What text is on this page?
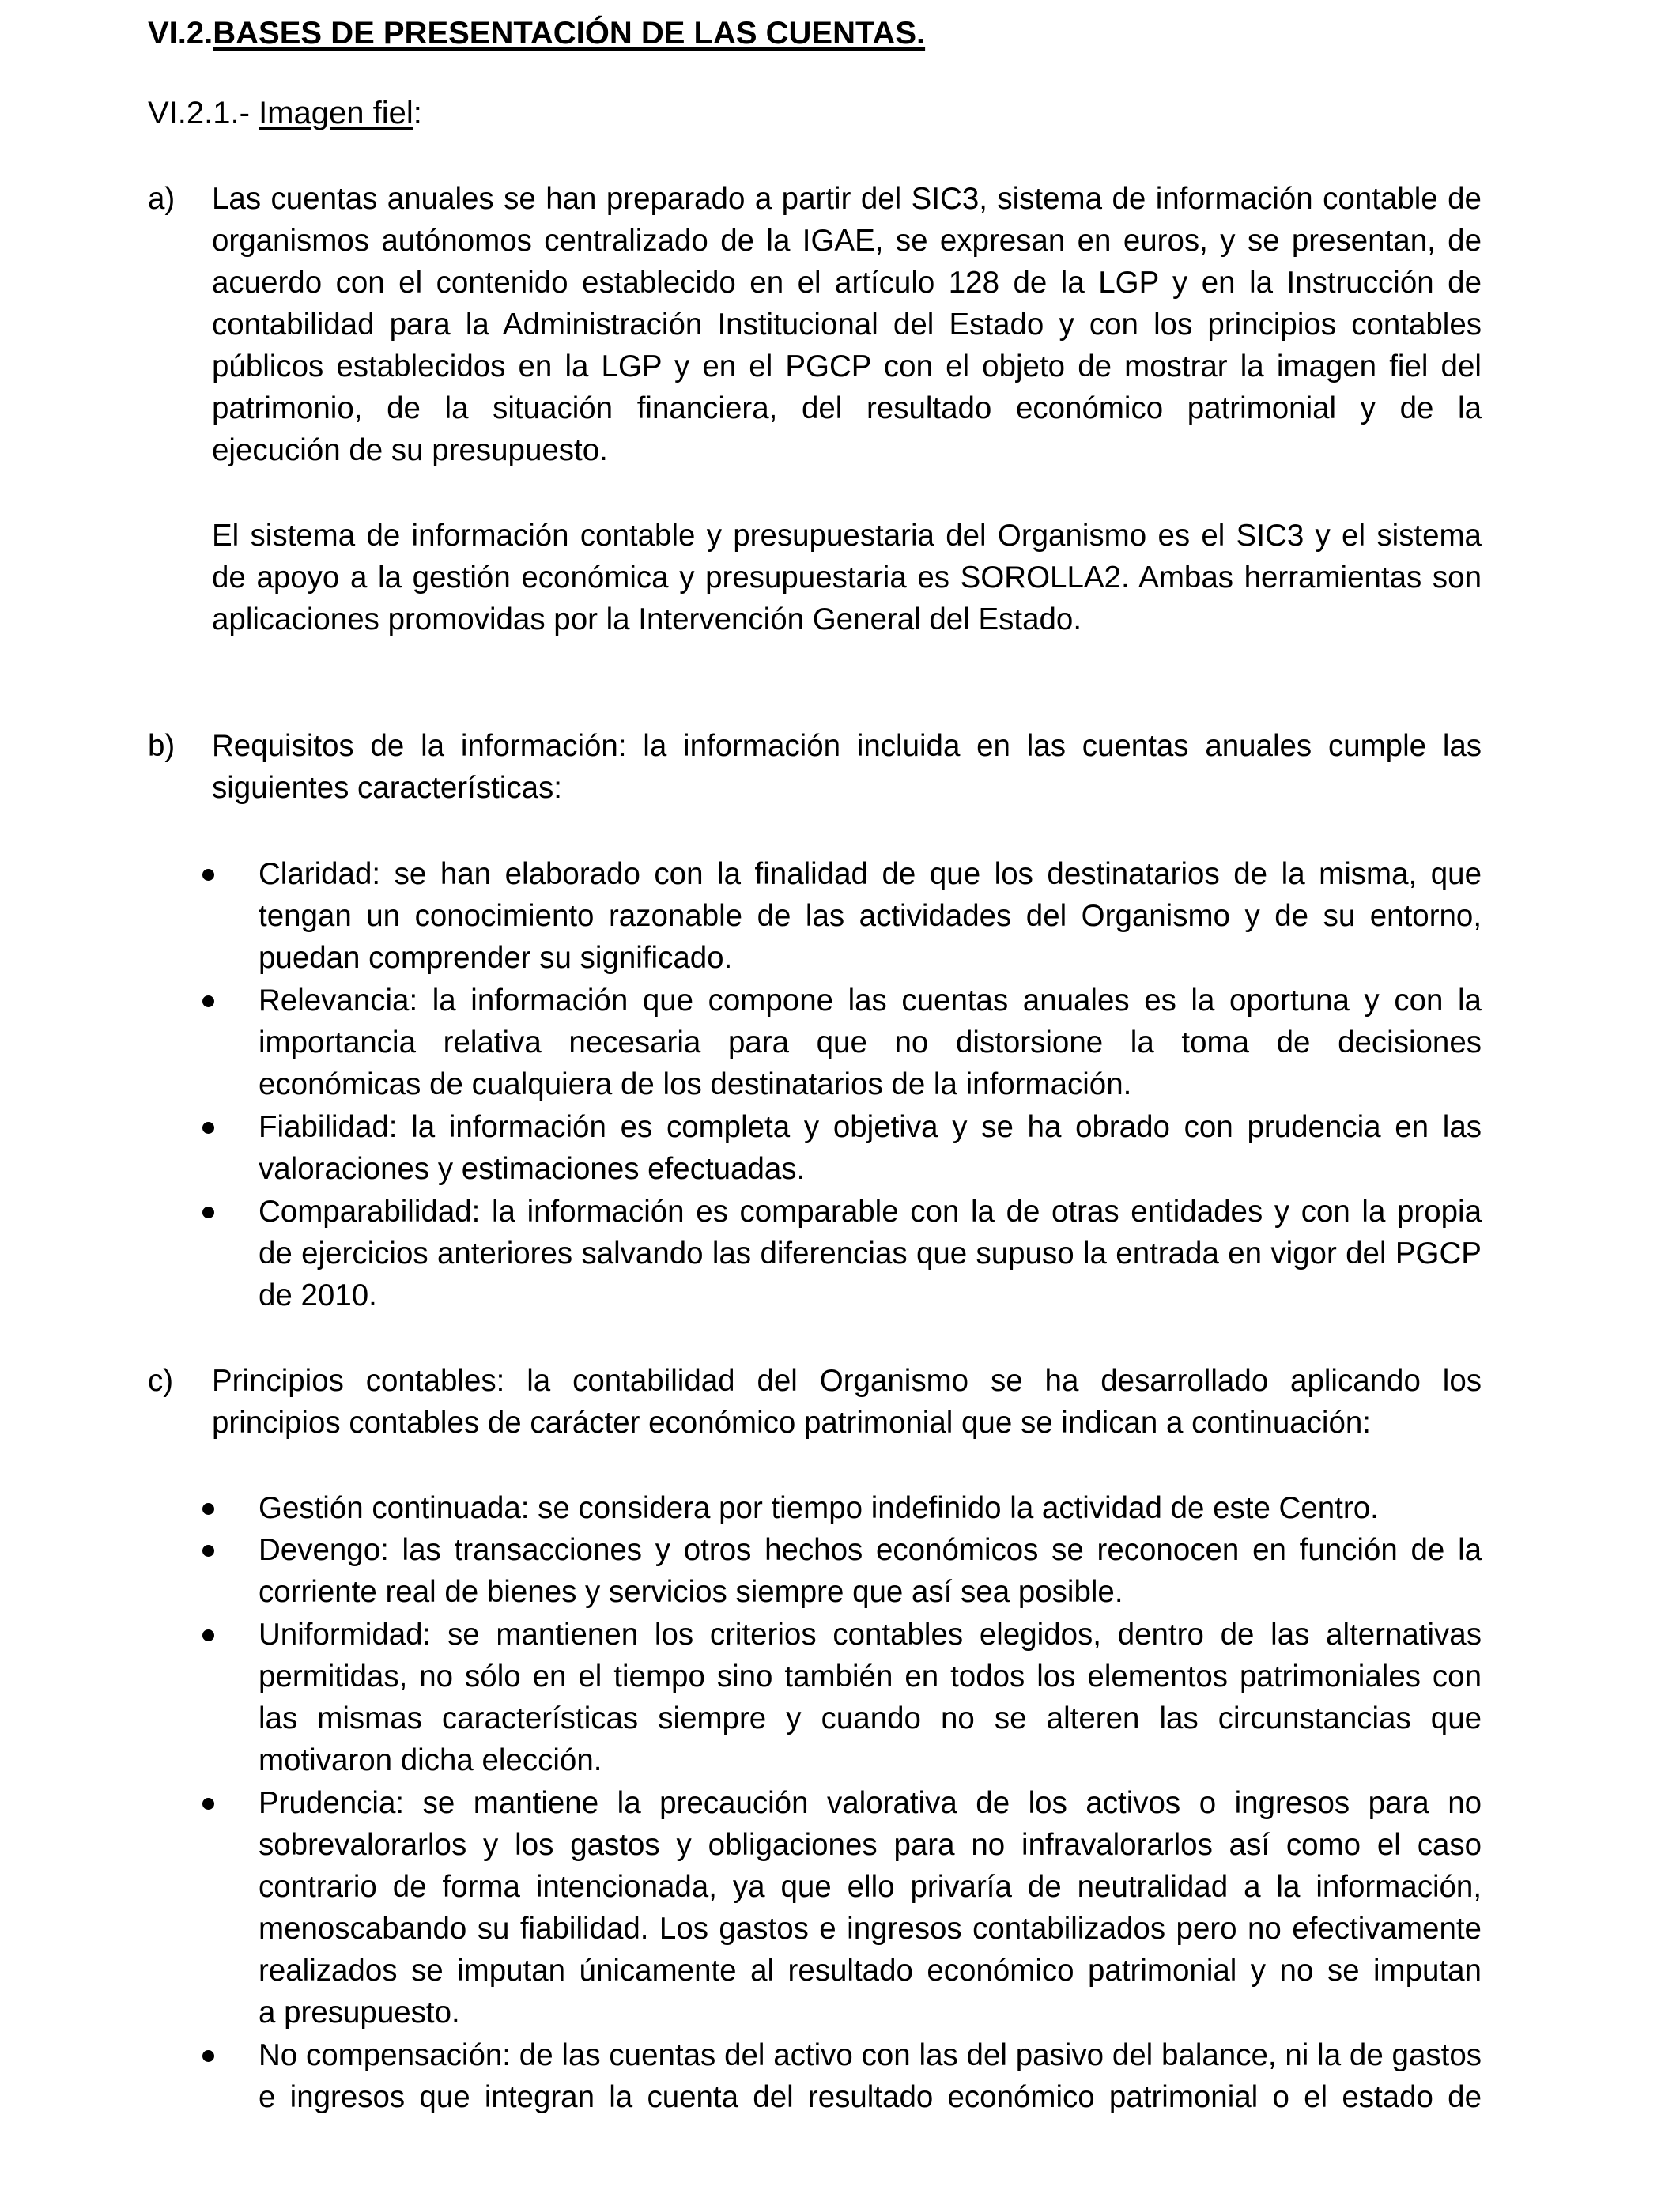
VI.2.BASES DE PRESENTACIÓN DE LAS CUENTAS.
VI.2.1.- Imagen fiel:
a) Las cuentas anuales se han preparado a partir del SIC3, sistema de información contable de
organismos autónomos centralizado de la IGAE, se expresan en euros, y se presentan, de
acuerdo con el contenido establecido en el artículo 128 de la LGP y en la Instrucción de
contabilidad para la Administración Institucional del Estado y con los principios contables
públicos establecidos en la LGP y en el PGCP con el objeto de mostrar la imagen fiel del
patrimonio, de la situación financiera, del resultado económico patrimonial y de la
ejecución de su presupuesto.
El sistema de información contable y presupuestaria del Organismo es el SIC3 y el sistema
de apoyo a la gestión económica y presupuestaria es SOROLLA2. Ambas herramientas son
aplicaciones promovidas por la Intervención General del Estado.
b) Requisitos de la información: la información incluida en las cuentas anuales cumple las
siguientes características:
Claridad: se han elaborado con la finalidad de que los destinatarios de la misma, que
tengan un conocimiento razonable de las actividades del Organismo y de su entorno,
puedan comprender su significado.
Relevancia: la información que compone las cuentas anuales es la oportuna y con la
importancia relativa necesaria para que no distorsione la toma de decisiones
económicas de cualquiera de los destinatarios de la información.
Fiabilidad: la información es completa y objetiva y se ha obrado con prudencia en las
valoraciones y estimaciones efectuadas.
Comparabilidad: la información es comparable con la de otras entidades y con la propia
de ejercicios anteriores salvando las diferencias que supuso la entrada en vigor del PGCP
de 2010.
c) Principios contables: la contabilidad del Organismo se ha desarrollado aplicando los
principios contables de carácter económico patrimonial que se indican a continuación:
Gestión continuada: se considera por tiempo indefinido la actividad de este Centro.
Devengo: las transacciones y otros hechos económicos se reconocen en función de la
corriente real de bienes y servicios siempre que así sea posible.
Uniformidad: se mantienen los criterios contables elegidos, dentro de las alternativas
permitidas, no sólo en el tiempo sino también en todos los elementos patrimoniales con
las mismas características siempre y cuando no se alteren las circunstancias que
motivaron dicha elección.
Prudencia: se mantiene la precaución valorativa de los activos o ingresos para no
sobrevalorarlos y los gastos y obligaciones para no infravalorarlos así como el caso
contrario de forma intencionada, ya que ello privaría de neutralidad a la información,
menoscabando su fiabilidad. Los gastos e ingresos contabilizados pero no efectivamente
realizados se imputan únicamente al resultado económico patrimonial y no se imputan
a presupuesto.
No compensación: de las cuentas del activo con las del pasivo del balance, ni la de gastos
e ingresos que integran la cuenta del resultado económico patrimonial o el estado de
